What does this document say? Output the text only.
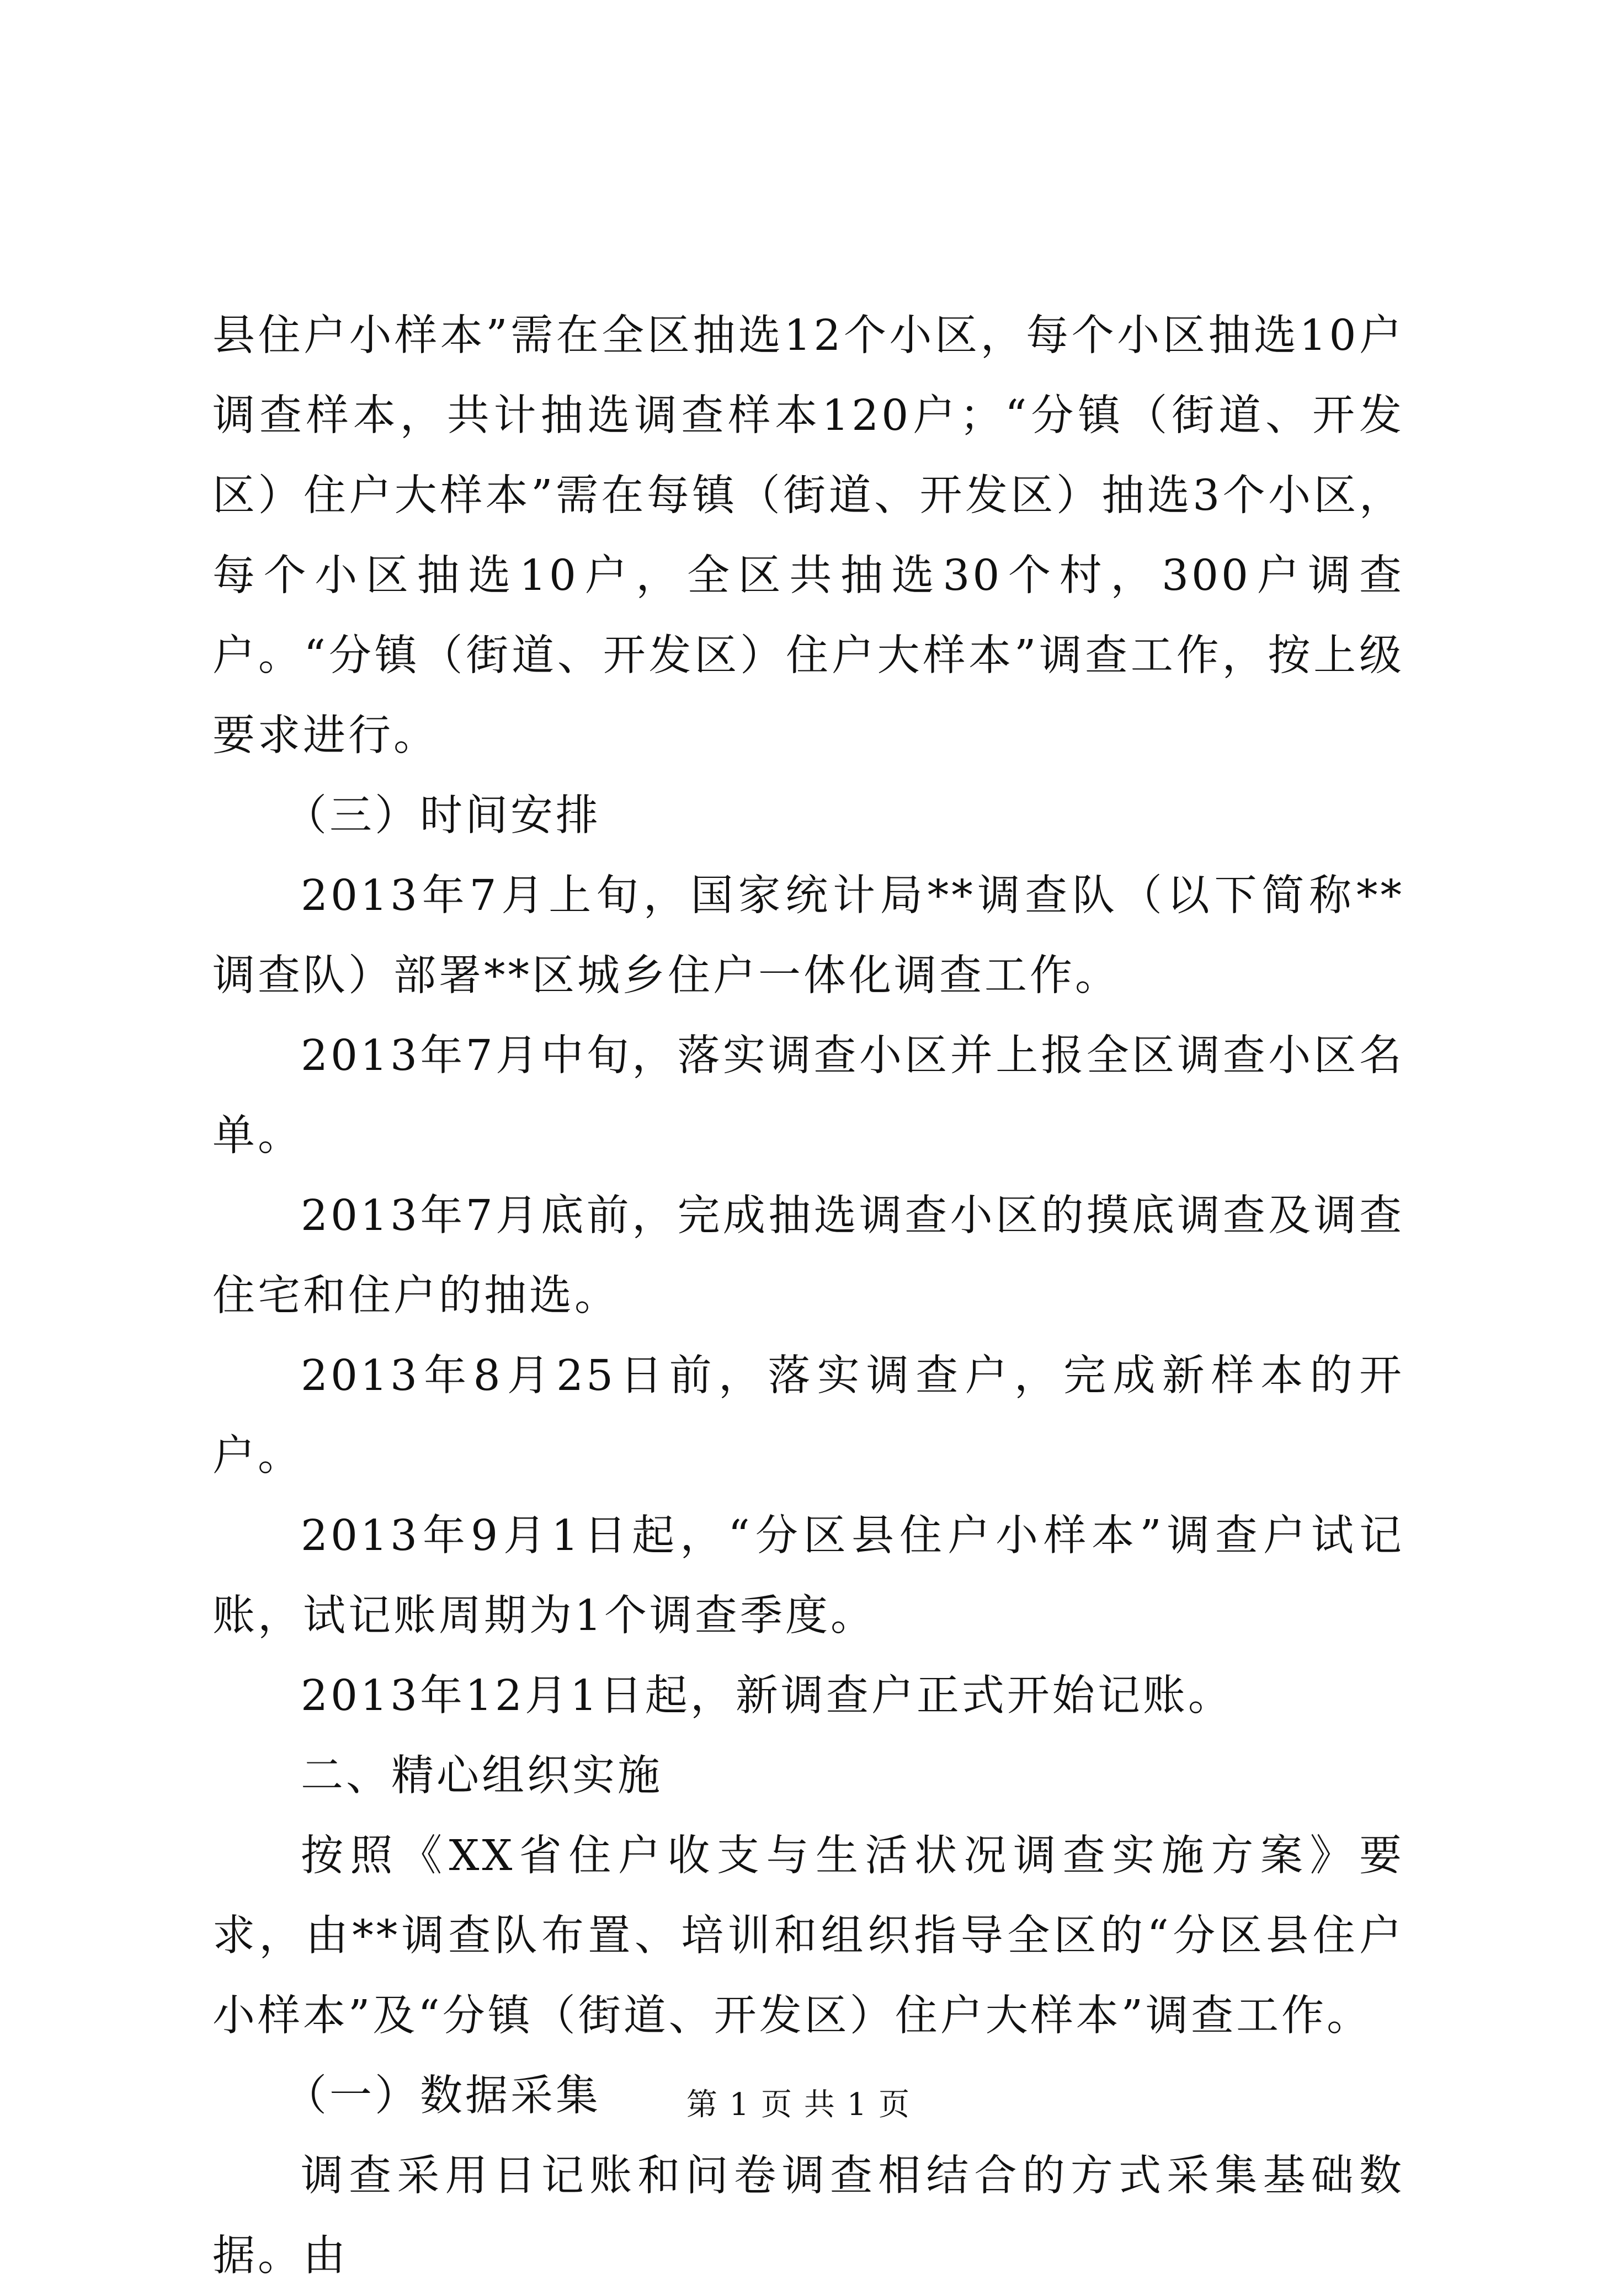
县住户小样本”需在全区抽选12个小区，每个小区抽选10户调查样本，共计抽选调查样本120户；“分镇（街道、开发区）住户大样本”需在每镇（街道、开发区）抽选3个小区，每个小区抽选10户，全区共抽选30个村，300户调查户。“分镇（街道、开发区）住户大样本”调查工作，按上级要求进行。

（三）时间安排

2013年7月上旬，国家统计局**调查队（以下简称**调查队）部署**区城乡住户一体化调查工作。

2013年7月中旬，落实调查小区并上报全区调查小区名单。

2013年7月底前，完成抽选调查小区的摸底调查及调查住宅和住户的抽选。

2013年8月25日前，落实调查户，完成新样本的开户。

2013年9月1日起，“分区县住户小样本”调查户试记账，试记账周期为1个调查季度。

2013年12月1日起，新调查户正式开始记账。

二、精心组织实施

按照《XX省住户收支与生活状况调查实施方案》要求，由**调查队布置、培训和组织指导全区的“分区县住户小样本”及“分镇（街道、开发区）住户大样本”调查工作。

（一）数据采集

调查采用日记账和问卷调查相结合的方式采集基础数据。由

第 1 页 共 1 页
